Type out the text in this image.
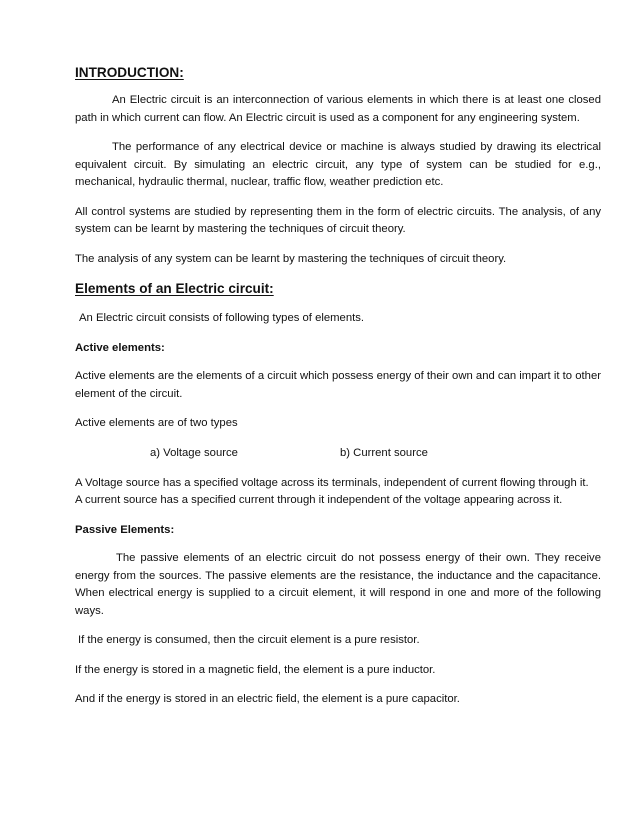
INTRODUCTION:

An Electric circuit is an interconnection of various elements in which there is at least one closed path in which current can flow. An Electric circuit is used as a component for any engineering system.

The performance of any electrical device or machine is always studied by drawing its electrical equivalent circuit. By simulating an electric circuit, any type of system can be studied for e.g., mechanical, hydraulic thermal, nuclear, traffic flow, weather prediction etc.

All control systems are studied by representing them in the form of electric circuits. The analysis, of any system can be learnt by mastering the techniques of circuit theory.

The analysis of any system can be learnt by mastering the techniques of circuit theory.

Elements of an Electric circuit:

An Electric circuit consists of following types of elements.

Active elements:

Active elements are the elements of a circuit which possess energy of their own and can impart it to other element of the circuit.

Active elements are of two types

a) Voltage source	b) Current source

A Voltage source has a specified voltage across its terminals, independent of current flowing through it.

A current source has a specified current through it independent of the voltage appearing across it.

Passive Elements:

The passive elements of an electric circuit do not possess energy of their own. They receive energy from the sources. The passive elements are the resistance, the inductance and the capacitance. When electrical energy is supplied to a circuit element, it will respond in one and more of the following ways.

If the energy is consumed, then the circuit element is a pure resistor.

If the energy is stored in a magnetic field, the element is a pure inductor.

And if the energy is stored in an electric field, the element is a pure capacitor.
